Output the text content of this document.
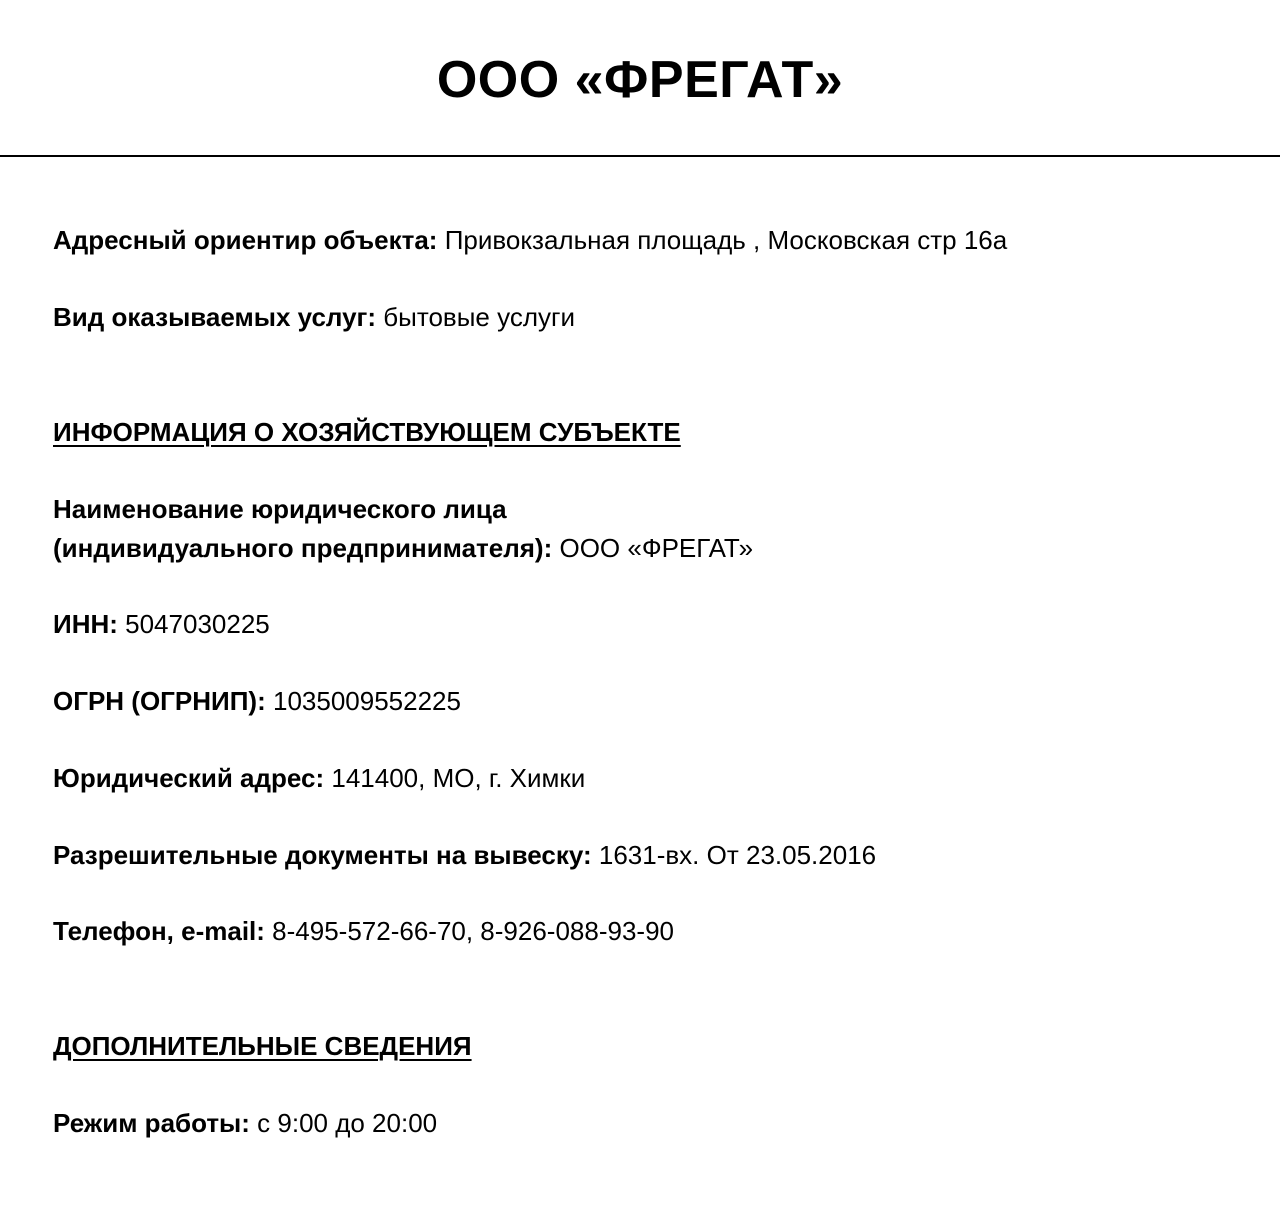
ООО «ФРЕГАТ»
Адресный ориентир объекта: Привокзальная площадь , Московская стр 16а
Вид оказываемых услуг: бытовые услуги
ИНФОРМАЦИЯ О ХОЗЯЙСТВУЮЩЕМ СУБЪЕКТЕ
Наименование юридического лица
(индивидуального предпринимателя): ООО «ФРЕГАТ»
ИНН: 5047030225
ОГРН (ОГРНИП): 1035009552225
Юридический адрес: 141400, МО, г. Химки
Разрешительные документы на вывеску: 1631-вх. От 23.05.2016
Телефон, e-mail: 8-495-572-66-70, 8-926-088-93-90
ДОПОЛНИТЕЛЬНЫЕ СВЕДЕНИЯ
Режим работы: с 9:00 до 20:00
